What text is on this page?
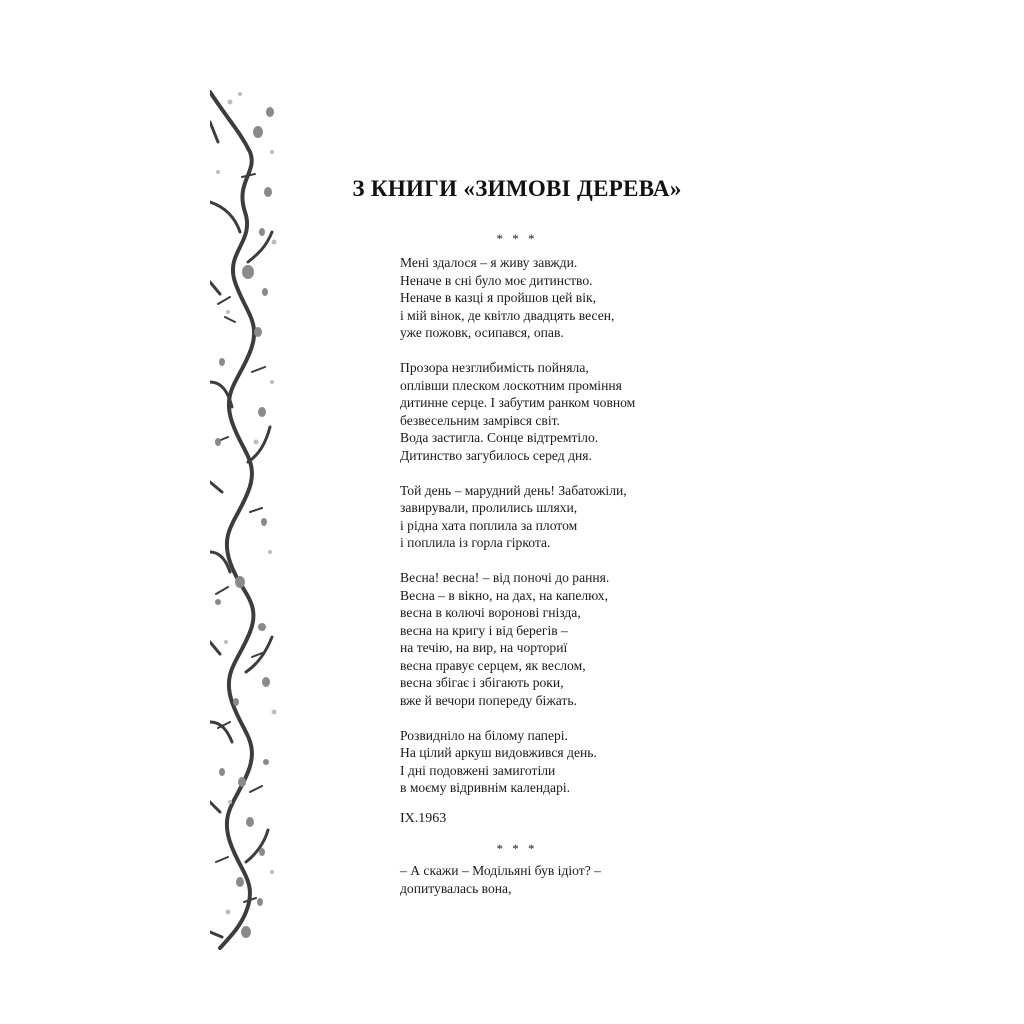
З КНИГИ «ЗИМОВІ ДЕРЕВА»
* * *
Мені здалося – я живу завжди.
Неначе в сні було моє дитинство.
Неначе в казці я пройшов цей вік,
і мій вінок, де квітло двадцять весен,
уже пожовк, осипався, опав.
Прозора незглибимість пойняла,
оплівши плеском лоскотним проміння
дитинне серце. І забутим ранком човном
безвесельним замрівся світ.
Вода застигла. Сонце відтремтіло.
Дитинство загубилось серед дня.
Той день – марудний день! Забатожіли,
завирували, пролились шляхи,
і рідна хата поплила за плотом
і поплила із горла гіркота.
Весна! весна! – від поночі до рання.
Весна – в вікно, на дах, на капелюх,
весна в колючі воронові гнізда,
весна на кригу і від берегів –
на течію, на вир, на чорториї
весна правує серцем, як веслом,
весна збігає і збігають роки,
вже й вечори попереду біжать.
Розвидніло на білому папері.
На цілий аркуш видовжився день.
І дні подовжені замиготіли
в моєму відривнім календарі.
IX.1963
* * *
– А скажи – Модільяні був ідіот? –
допитувалась вона,
